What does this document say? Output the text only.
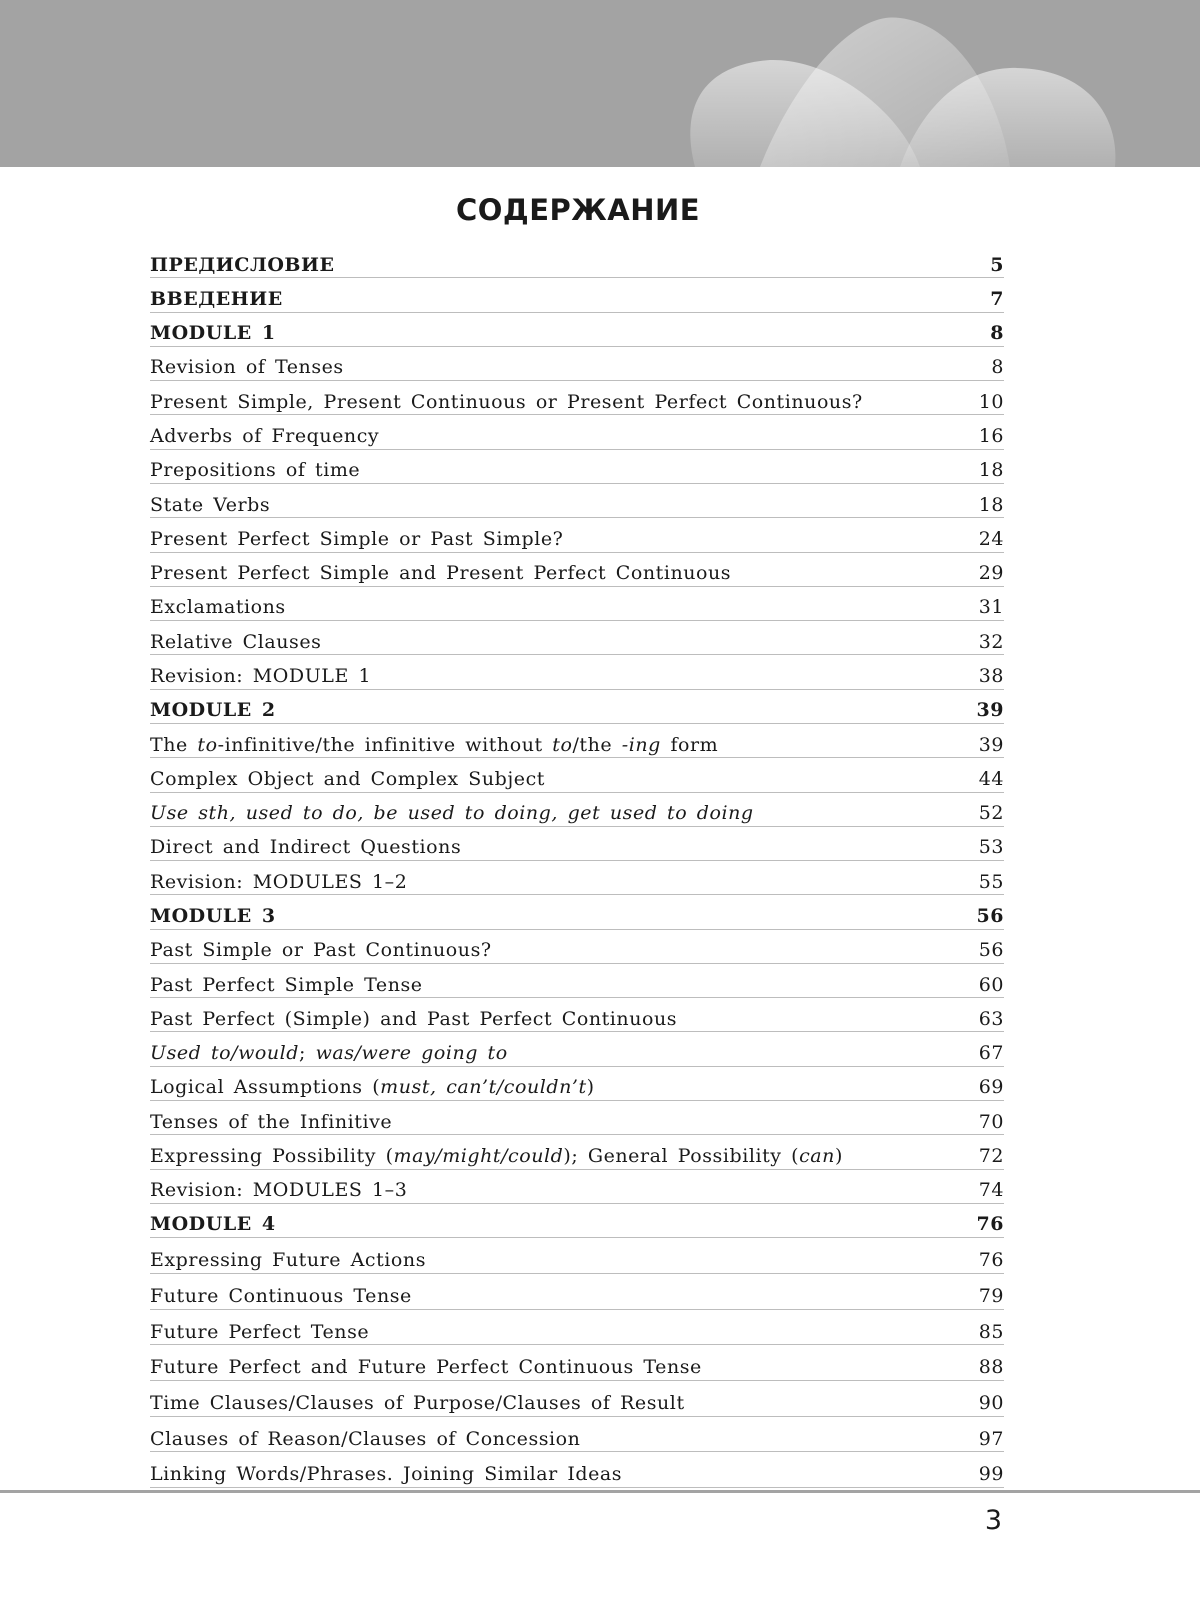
СОДЕРЖАНИЕ
ПРЕДИСЛОВИЕ	5
ВВЕДЕНИЕ	7
MODULE 1	8
Revision of Tenses	8
Present Simple, Present Continuous or Present Perfect Continuous?	10
Adverbs of Frequency	16
Prepositions of time	18
State Verbs	18
Present Perfect Simple or Past Simple?	24
Present Perfect Simple and Present Perfect Continuous	29
Exclamations	31
Relative Clauses	32
Revision: MODULE 1	38
MODULE 2	39
The to-infinitive/the infinitive without to/the -ing form	39
Complex Object and Complex Subject	44
Use sth, used to do, be used to doing, get used to doing	52
Direct and Indirect Questions	53
Revision: MODULES 1–2	55
MODULE 3	56
Past Simple or Past Continuous?	56
Past Perfect Simple Tense	60
Past Perfect (Simple) and Past Perfect Continuous	63
Used to/would; was/were going to	67
Logical Assumptions (must, can’t/couldn’t)	69
Tenses of the Infinitive	70
Expressing Possibility (may/might/could); General Possibility (can)	72
Revision: MODULES 1–3	74
MODULE 4	76
Expressing Future Actions	76
Future Continuous Tense	79
Future Perfect Tense	85
Future Perfect and Future Perfect Continuous Tense	88
Time Clauses/Clauses of Purpose/Clauses of Result	90
Clauses of Reason/Clauses of Concession	97
Linking Words/Phrases. Joining Similar Ideas	99
3
